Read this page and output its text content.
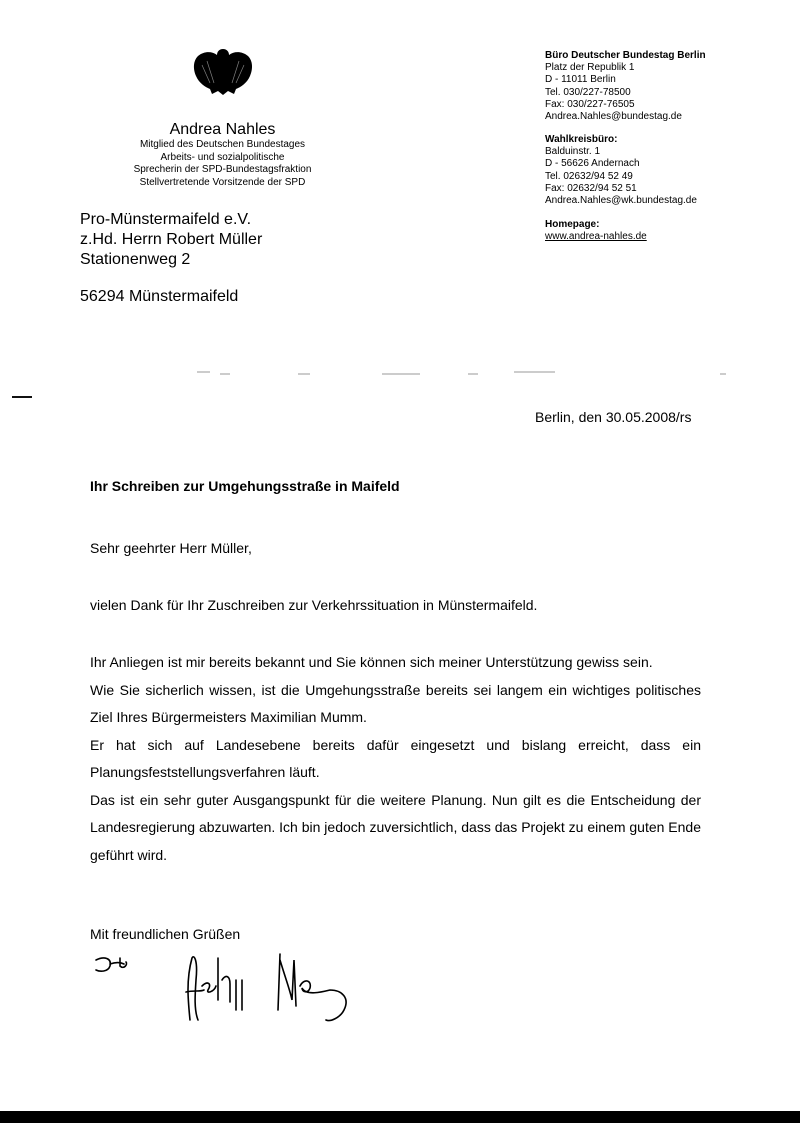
Andrea Nahles
Mitglied des Deutschen Bundestages
Arbeits- und sozialpolitische
Sprecherin der SPD-Bundestagsfraktion
Stellvertretende Vorsitzende der SPD
Büro Deutscher Bundestag Berlin
Platz der Republik 1
D - 11011 Berlin
Tel. 030/227-78500
Fax: 030/227-76505
Andrea.Nahles@bundestag.de
Wahlkreisbüro:
Balduinstr. 1
D - 56626 Andernach
Tel. 02632/94 52 49
Fax: 02632/94 52 51
Andrea.Nahles@wk.bundestag.de
Homepage:
www.andrea-nahles.de
Pro-Münstermaifeld e.V.
z.Hd. Herrn Robert Müller
Stationenweg 2
56294 Münstermaifeld
Berlin, den 30.05.2008/rs
Ihr Schreiben zur Umgehungsstraße in Maifeld
Sehr geehrter Herr Müller,
vielen Dank für Ihr Zuschreiben zur Verkehrssituation in Münstermaifeld.

Ihr Anliegen ist mir bereits bekannt und Sie können sich meiner Unterstützung gewiss sein.

Wie Sie sicherlich wissen, ist die Umgehungsstraße bereits sei langem ein wichtiges politisches Ziel Ihres Bürgermeisters Maximilian Mumm.

Er hat sich auf Landesebene bereits dafür eingesetzt und bislang erreicht, dass ein Planungsfeststellungsverfahren läuft.

Das ist ein sehr guter Ausgangspunkt für die weitere Planung. Nun gilt es die Entscheidung der Landesregierung abzuwarten. Ich bin jedoch zuversichtlich, dass das Projekt zu einem guten Ende geführt wird.

Mit freundlichen Grüßen
